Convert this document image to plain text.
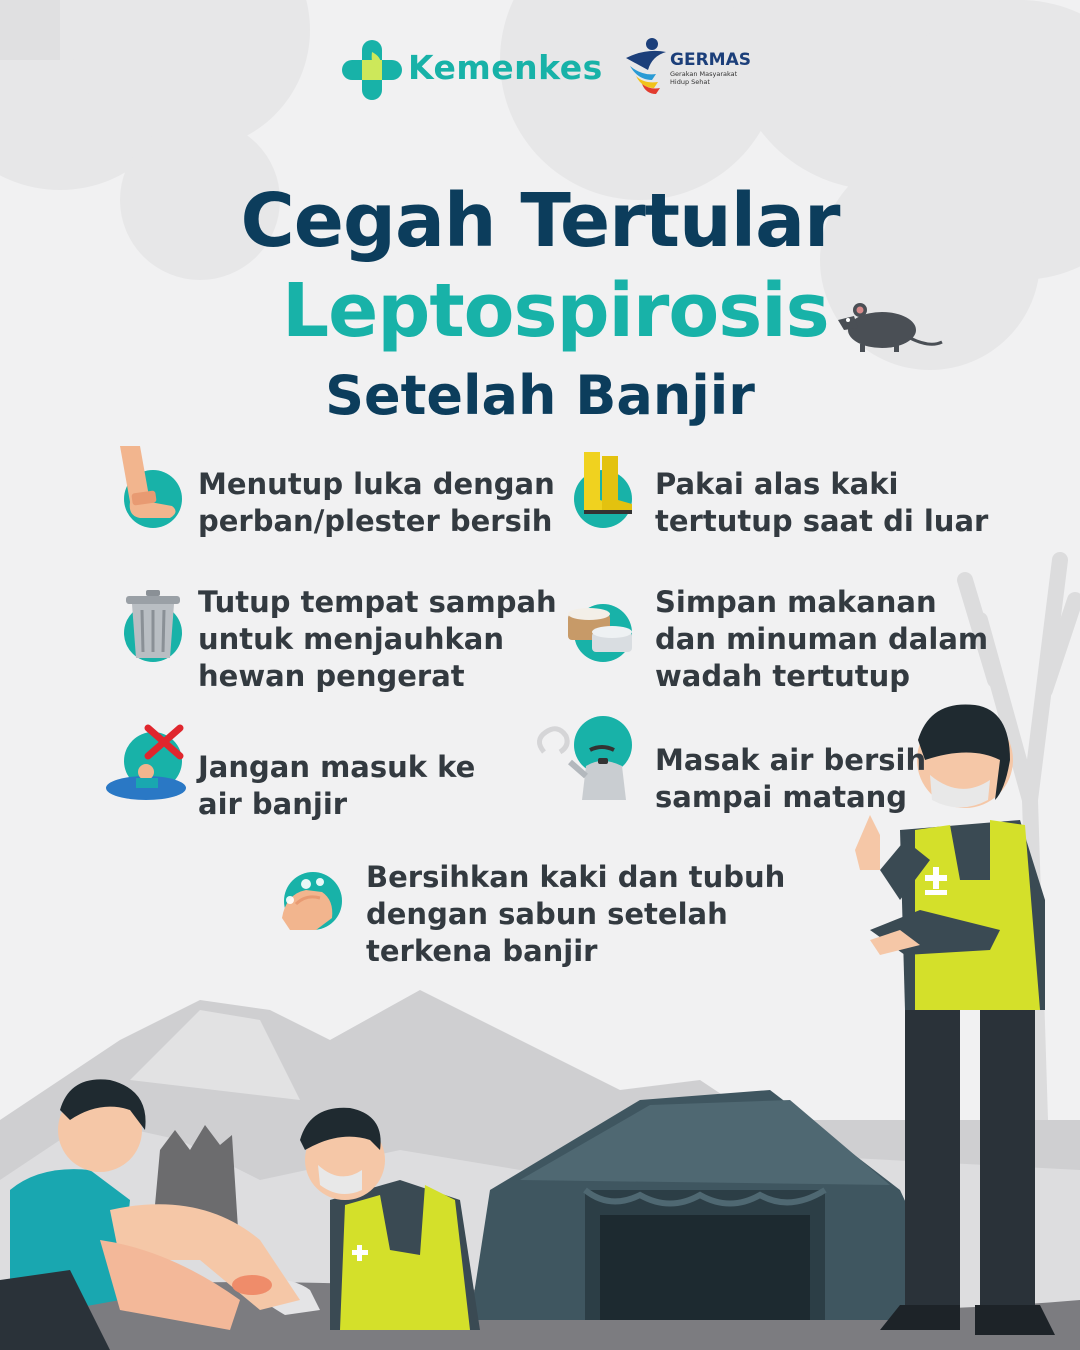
Kemenkes	GERMAS
Gerakan Masyarakat
Hidup Sehat
Cegah Tertular
Leptospirosis
Setelah Banjir
Menutup luka dengan
perban/plester bersih
Pakai alas kaki
tertutup saat di luar
Tutup tempat sampah
untuk menjauhkan
hewan pengerat
Simpan makanan
dan minuman dalam
wadah tertutup
Jangan masuk ke
air banjir
Masak air bersih
sampai matang
Bersihkan kaki dan tubuh
dengan sabun setelah
terkena banjir
